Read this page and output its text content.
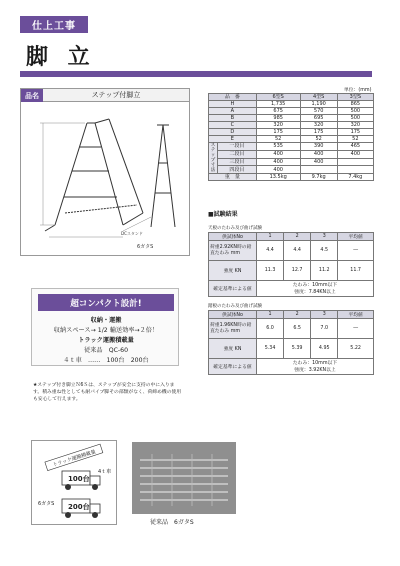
仕上工事
脚 立
品名	ステップ付脚立
DCスタンド
6ガタS
単位：(mm)
品　番		6型S	4型S	3型S
H		1,735	1,190	865
A		675	570	500
B		985	695	500
C		320	320	320
D		175	175	175
E		52	52	52
ステップ寸法	一段目	535	390	465
	二段目	400	400	400
	三段目	400	400	
	四段目	400		
重　量		13.5kg	9.7kg	7.4kg
■試験結果
天板のたわみ及び曲げ試験
供試体No	1	2	3	平均値
荷重2.92KN時の鉛直たわみ mm	4.4	4.4	4.5	―
強度 KN	11.3	12.7	11.2	11.7
確定基準による値	たわみ：10mm以下
強度：7.84KN以上			
踏板のたわみ及び曲げ試験
供試体No	1	2	3	平均値
荷重1.96KN時の鉛直たわみ mm	6.0	6.5	7.0	―
強度 KN	5.34	5.39	4.95	5.22
確定基準による値	たわみ：10mm以下
強度：3.92KN以上			
超コンパクト設計!
収納・運搬
収納スペース→ 1/2 輸送効率→２倍！
トラック運搬積載量
従来品　QC-60
４ｔ車　……　100台　200台
★ステップ付き脚立Ｎ6Ｓは、ステップが安全に支持の中に入ります。積み重ね性としても耐パイプ脚その部類がなく、荷締め機の使用も安心して行えます。
トラック運搬積載量
4ｔ車
100台
6ガタS 200台
従来品　6ガタS
